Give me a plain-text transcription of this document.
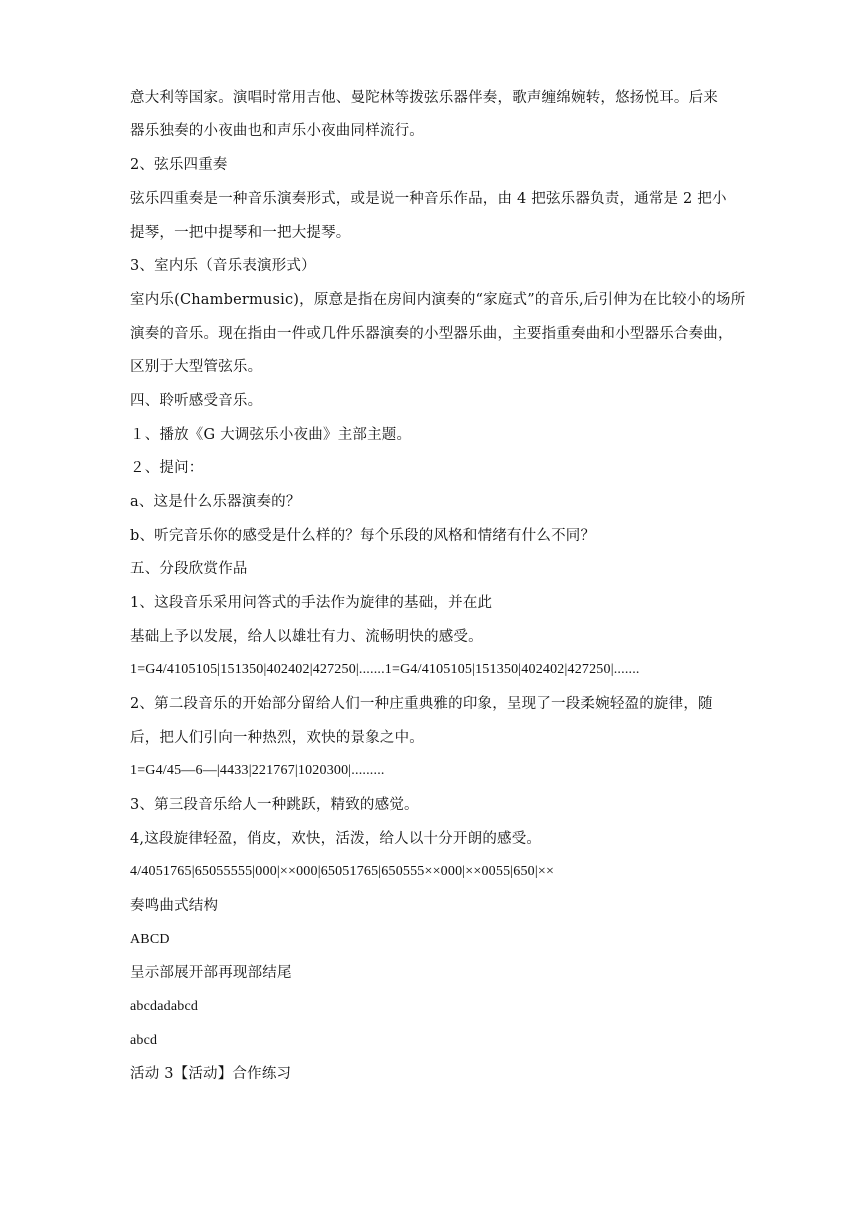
意大利等国家。演唱时常用吉他、曼陀林等拨弦乐器伴奏，歌声缠绵婉转，悠扬悦耳。后来
器乐独奏的小夜曲也和声乐小夜曲同样流行。
2、弦乐四重奏
弦乐四重奏是一种音乐演奏形式，或是说一种音乐作品，由 4 把弦乐器负责，通常是 2 把小
提琴，一把中提琴和一把大提琴。
3、室内乐（音乐表演形式）
室内乐(Chambermusic)，原意是指在房间内演奏的“家庭式”的音乐,后引伸为在比较小的场所
演奏的音乐。现在指由一件或几件乐器演奏的小型器乐曲，主要指重奏曲和小型器乐合奏曲，
区别于大型管弦乐。
四、聆听感受音乐。
１、播放《G 大调弦乐小夜曲》主部主题。
２、提问：
a、这是什么乐器演奏的？
b、听完音乐你的感受是什么样的？每个乐段的风格和情绪有什么不同？
五、分段欣赏作品
1、这段音乐采用问答式的手法作为旋律的基础，并在此
基础上予以发展，给人以雄壮有力、流畅明快的感受。
1=G4/4105105|151350|402402|427250|.......1=G4/4105105|151350|402402|427250|.......
2、第二段音乐的开始部分留给人们一种庄重典雅的印象，呈现了一段柔婉轻盈的旋律，随
后，把人们引向一种热烈，欢快的景象之中。
1=G4/45—6—|4433|221767|1020300|.........
3、第三段音乐给人一种跳跃，精致的感觉。
4,这段旋律轻盈，俏皮，欢快，活泼，给人以十分开朗的感受。
4/4051765|65055555|000|××000|65051765|650555××000|××0055|650|××
奏鸣曲式结构
ABCD
呈示部展开部再现部结尾
abcdadabcd
abcd
活动 3【活动】合作练习
